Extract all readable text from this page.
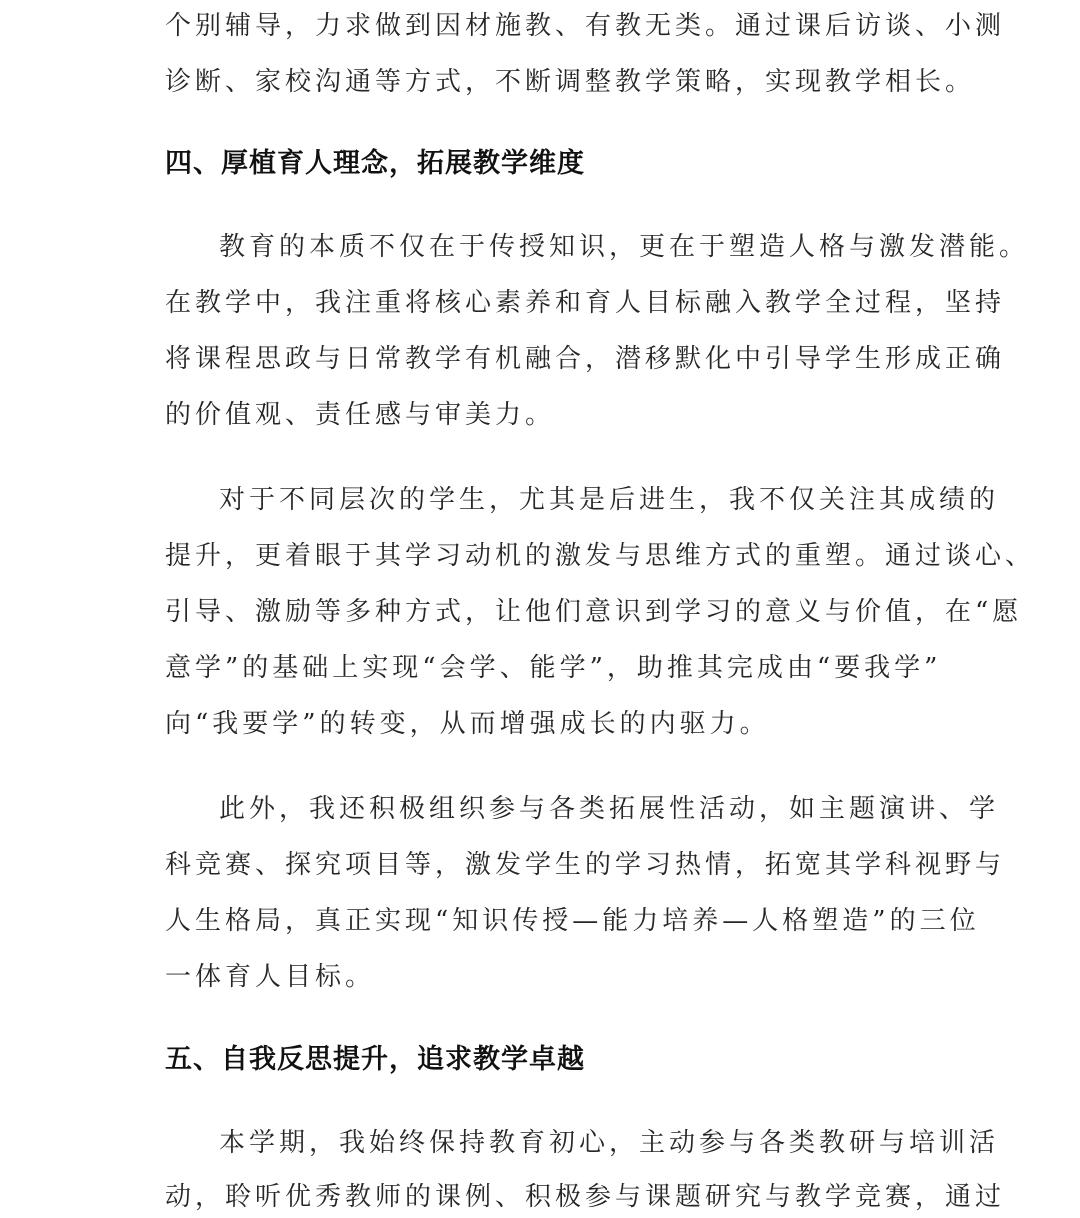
个别辅导，力求做到因材施教、有教无类。通过课后访谈、小测
诊断、家校沟通等方式，不断调整教学策略，实现教学相长。
四、厚植育人理念，拓展教学维度
教育的本质不仅在于传授知识，更在于塑造人格与激发潜能。
在教学中，我注重将核心素养和育人目标融入教学全过程，坚持
将课程思政与日常教学有机融合，潜移默化中引导学生形成正确
的价值观、责任感与审美力。
对于不同层次的学生，尤其是后进生，我不仅关注其成绩的
提升，更着眼于其学习动机的激发与思维方式的重塑。通过谈心、
引导、激励等多种方式，让他们意识到学习的意义与价值，在“愿
意学”的基础上实现“会学、能学”，助推其完成由“要我学”
向“我要学”的转变，从而增强成长的内驱力。
此外，我还积极组织参与各类拓展性活动，如主题演讲、学
科竞赛、探究项目等，激发学生的学习热情，拓宽其学科视野与
人生格局，真正实现“知识传授—能力培养—人格塑造”的三位
一体育人目标。
五、自我反思提升，追求教学卓越
本学期，我始终保持教育初心，主动参与各类教研与培训活
动，聆听优秀教师的课例、积极参与课题研究与教学竞赛，通过
